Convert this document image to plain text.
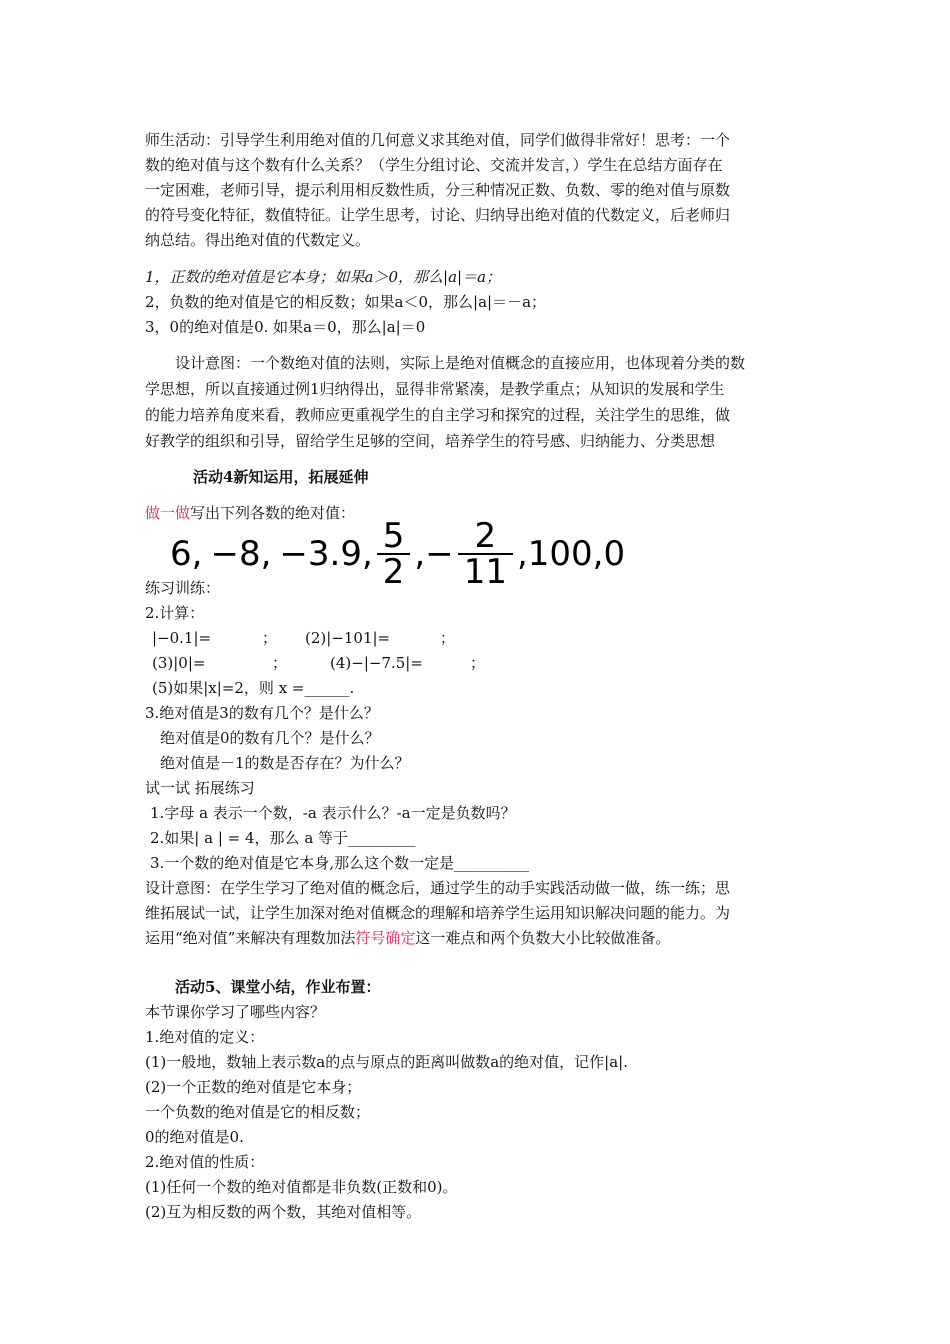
师生活动：引导学生利用绝对值的几何意义求其绝对值，同学们做得非常好！思考：一个
数的绝对值与这个数有什么关系？（学生分组讨论、交流并发言，）学生在总结方面存在
一定困难，老师引导，提示利用相反数性质，分三种情况正数、负数、零的绝对值与原数
的符号变化特征，数值特征。让学生思考，讨论、归纳导出绝对值的代数定义，后老师归
纳总结。得出绝对值的代数定义。
1，正数的绝对值是它本身；如果a＞0，那么|a|＝a；
2，负数的绝对值是它的相反数；如果a＜0，那么|a|＝－a；
3，0的绝对值是0. 如果a＝0，那么|a|＝0
设计意图：一个数绝对值的法则，实际上是绝对值概念的直接应用，也体现着分类的数
学思想，所以直接通过例1归纳得出，显得非常紧凑，是教学重点；从知识的发展和学生
的能力培养角度来看，教师应更重视学生的自主学习和探究的过程，关注学生的思维，做
好教学的组织和引导，留给学生足够的空间，培养学生的符号感、归纳能力、分类思想
活动4新知运用，拓展延伸
做一做写出下列各数的绝对值：
6, −8, −3.9, $\frac{5}{2}$ ,− $\frac{2}{11} ,100,0$
练习训练：
2.计算：
|−0.1|=	； (2)|−101|=	；
(3)|0|=	；	(4)−|−7.5|=	；
(5)如果|x|=2，则 x =______.
3.绝对值是3的数有几个？是什么？
绝对值是0的数有几个？是什么？
绝对值是－1的数是否存在？为什么？
试一试 拓展练习
1.字母 a 表示一个数，-a 表示什么？-a一定是负数吗？
2.如果| a | = 4，那么 a 等于_________
3.一个数的绝对值是它本身,那么这个数一定是__________
设计意图：在学生学习了绝对值的概念后，通过学生的动手实践活动做一做，练一练；思
维拓展试一试，让学生加深对绝对值概念的理解和培养学生运用知识解决问题的能力。为
运用“绝对值”来解决有理数加法符号确定这一难点和两个负数大小比较做准备。
活动5、课堂小结，作业布置：
本节课你学习了哪些内容？
1.绝对值的定义：
(1)一般地，数轴上表示数a的点与原点的距离叫做数a的绝对值，记作|a|.
(2)一个正数的绝对值是它本身；
一个负数的绝对值是它的相反数；
0的绝对值是0.
2.绝对值的性质：
(1)任何一个数的绝对值都是非负数(正数和0)。
(2)互为相反数的两个数，其绝对值相等。
